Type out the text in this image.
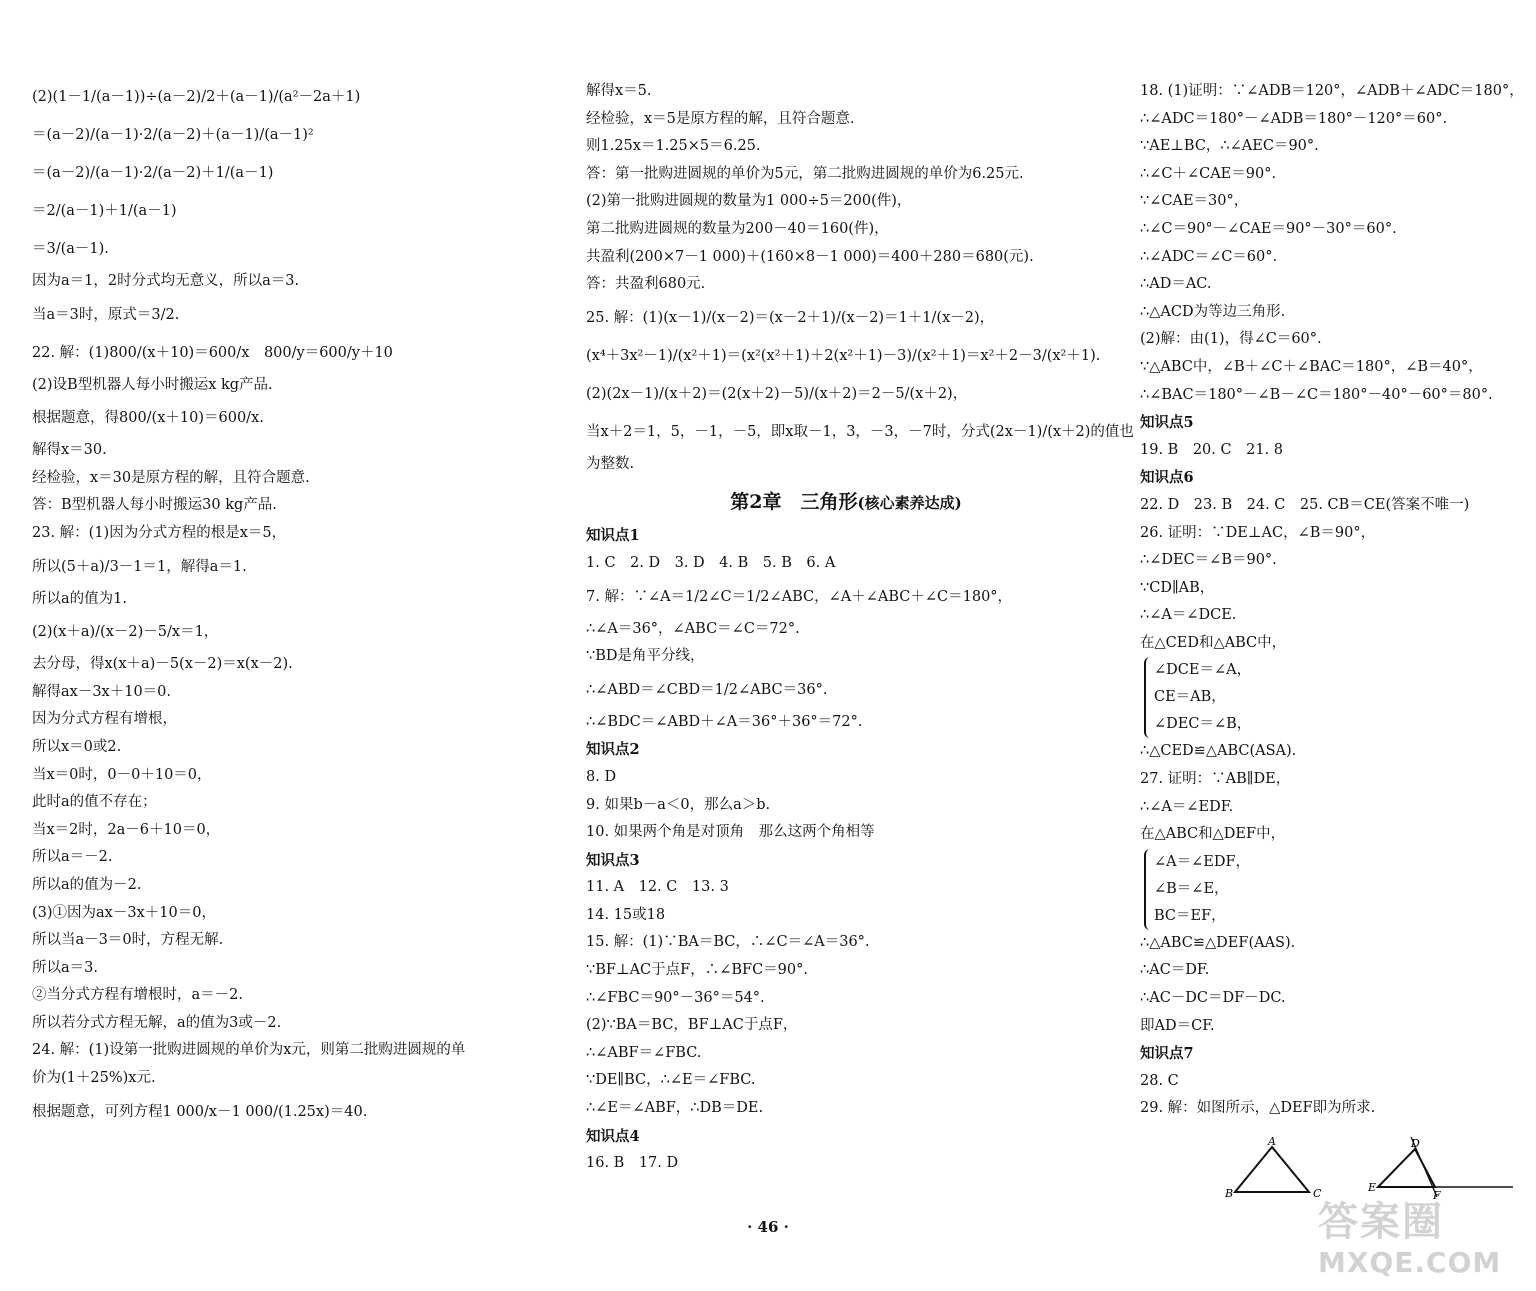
(2)(1－1/(a－1))÷(a－2)/2＋(a－1)/(a²－2a＋1)
＝(a－2)/(a－1)·2/(a－2)＋(a－1)/(a－1)²
＝(a－2)/(a－1)·2/(a－2)＋1/(a－1)
＝2/(a－1)＋1/(a－1)
＝3/(a－1).
因为a＝1，2时分式均无意义，所以a＝3.
当a＝3时，原式＝3/2.
22. 解：(1)800/(x＋10)＝600/x　800/y＝600/y＋10
(2)设B型机器人每小时搬运x kg产品.
根据题意，得800/(x＋10)＝600/x.
解得x＝30.
经检验，x＝30是原方程的解，且符合题意.
答：B型机器人每小时搬运30 kg产品.
23. 解：(1)因为分式方程的根是x＝5，
所以(5＋a)/3－1＝1，解得a＝1.
所以a的值为1.
(2)(x＋a)/(x－2)－5/x＝1，
去分母，得x(x＋a)－5(x－2)＝x(x－2).
解得ax－3x＋10＝0.
因为分式方程有增根，
所以x＝0或2.
当x＝0时，0－0＋10＝0，
此时a的值不存在；
当x＝2时，2a－6＋10＝0，
所以a＝－2.
所以a的值为－2.
(3)①因为ax－3x＋10＝0，
所以当a－3＝0时，方程无解.
所以a＝3.
②当分式方程有增根时，a＝－2.
所以若分式方程无解，a的值为3或－2.
24. 解：(1)设第一批购进圆规的单价为x元，则第二批购进圆规的单
价为(1＋25%)x元.
根据题意，可列方程1 000/x－1 000/(1.25x)＝40.
解得x＝5.
经检验，x＝5是原方程的解，且符合题意.
则1.25x＝1.25×5＝6.25.
答：第一批购进圆规的单价为5元，第二批购进圆规的单价为6.25元.
(2)第一批购进圆规的数量为1 000÷5＝200(件)，
第二批购进圆规的数量为200－40＝160(件)，
共盈利(200×7－1 000)＋(160×8－1 000)＝400＋280＝680(元).
答：共盈利680元.
25. 解：(1)(x－1)/(x－2)＝(x－2＋1)/(x－2)＝1＋1/(x－2)，
(x⁴＋3x²－1)/(x²＋1)＝(x²(x²＋1)＋2(x²＋1)－3)/(x²＋1)＝x²＋2－3/(x²＋1).
(2)(2x－1)/(x＋2)＝(2(x＋2)－5)/(x＋2)＝2－5/(x＋2)，
当x＋2＝1，5，－1，－5，即x取－1，3，－3，－7时，分式(2x－1)/(x＋2)的值也
为整数.
第2章　三角形(核心素养达成)
知识点1
1. C　2. D　3. D　4. B　5. B　6. A
7. 解：∵∠A＝1/2∠C＝1/2∠ABC，∠A＋∠ABC＋∠C＝180°，
∴∠A＝36°，∠ABC＝∠C＝72°.
∵BD是角平分线，
∴∠ABD＝∠CBD＝1/2∠ABC＝36°.
∴∠BDC＝∠ABD＋∠A＝36°＋36°＝72°.
知识点2
8. D
9. 如果b－a＜0，那么a＞b.
10. 如果两个角是对顶角　那么这两个角相等
知识点3
11. A　12. C　13. 3
14. 15或18
15. 解：(1)∵BA＝BC，∴∠C＝∠A＝36°.
∵BF⊥AC于点F，∴∠BFC＝90°.
∴∠FBC＝90°－36°＝54°.
(2)∵BA＝BC，BF⊥AC于点F，
∴∠ABF＝∠FBC.
∵DE∥BC，∴∠E＝∠FBC.
∴∠E＝∠ABF，∴DB＝DE.
知识点4
16. B　17. D
18. (1)证明：∵∠ADB＝120°，∠ADB＋∠ADC＝180°，
∴∠ADC＝180°－∠ADB＝180°－120°＝60°.
∵AE⊥BC，∴∠AEC＝90°.
∴∠C＋∠CAE＝90°.
∵∠CAE＝30°，
∴∠C＝90°－∠CAE＝90°－30°＝60°.
∴∠ADC＝∠C＝60°.
∴AD＝AC.
∴△ACD为等边三角形.
(2)解：由(1)，得∠C＝60°.
∵△ABC中，∠B＋∠C＋∠BAC＝180°，∠B＝40°，
∴∠BAC＝180°－∠B－∠C＝180°－40°－60°＝80°.
知识点5
19. B　20. C　21. 8
知识点6
22. D　23. B　24. C　25. CB＝CE(答案不唯一)
26. 证明：∵DE⊥AC，∠B＝90°，
∴∠DEC＝∠B＝90°.
∵CD∥AB，
∴∠A＝∠DCE.
在△CED和△ABC中，
∠DCE＝∠A，
CE＝AB，
∠DEC＝∠B，
∴△CED≌△ABC(ASA).
27. 证明：∵AB∥DE，
∴∠A＝∠EDF.
在△ABC和△DEF中，
∠A＝∠EDF，
∠B＝∠E，
BC＝EF，
∴△ABC≌△DEF(AAS).
∴AC＝DF.
∴AC－DC＝DF－DC.
即AD＝CF.
知识点7
28. C
29. 解：如图所示，△DEF即为所求.
A
B	C
D
E
F
· 46 ·	答案圈
MXQE.COM
